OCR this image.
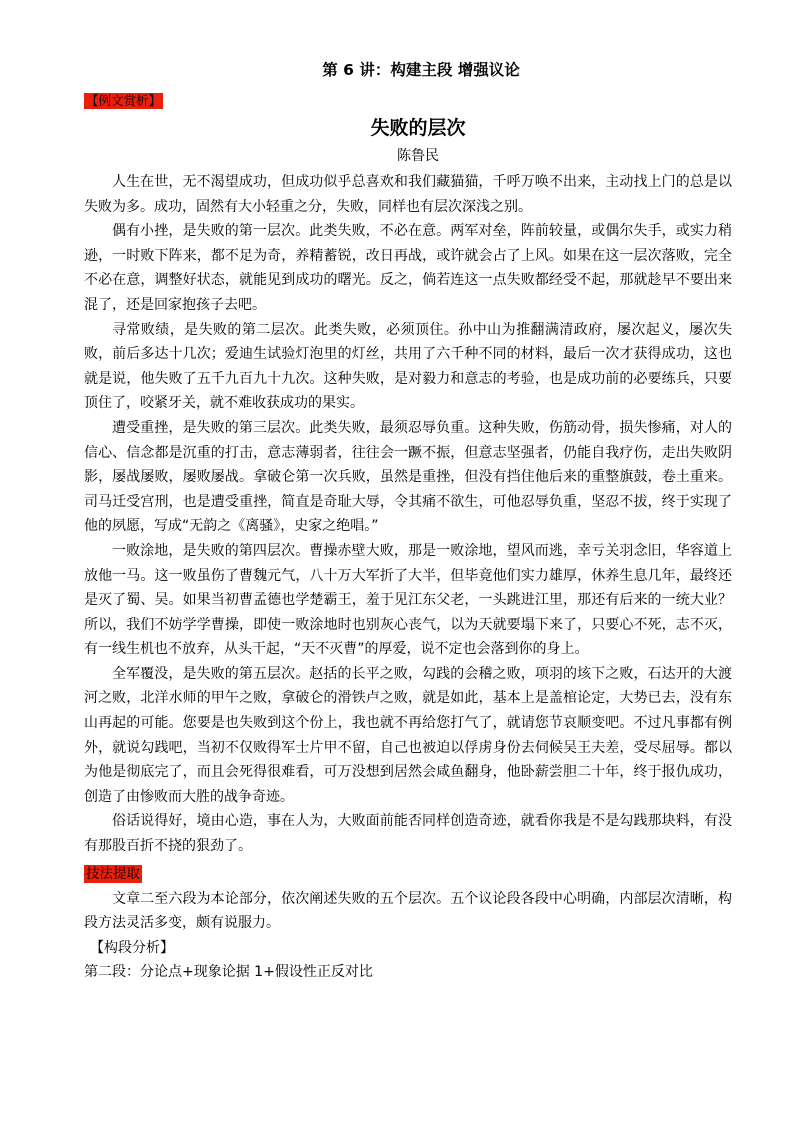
第 6 讲：构建主段 增强议论
【例文赏析】
失败的层次
陈鲁民

人生在世，无不渴望成功，但成功似乎总喜欢和我们藏猫猫，千呼万唤不出来，主动找上门的总是以失败为多。成功，固然有大小轻重之分，失败，同样也有层次深浅之别。

偶有小挫，是失败的第一层次。此类失败，不必在意。两军对垒，阵前较量，或偶尔失手，或实力稍逊，一时败下阵来，都不足为奇，养精蓄锐，改日再战，或许就会占了上风。如果在这一层次落败，完全不必在意，调整好状态，就能见到成功的曙光。反之，倘若连这一点失败都经受不起，那就趁早不要出来混了，还是回家抱孩子去吧。

寻常败绩，是失败的第二层次。此类失败，必须顶住。孙中山为推翻满清政府，屡次起义，屡次失败，前后多达十几次；爱迪生试验灯泡里的灯丝，共用了六千种不同的材料，最后一次才获得成功，这也就是说，他失败了五千九百九十九次。这种失败，是对毅力和意志的考验，也是成功前的必要练兵，只要顶住了，咬紧牙关，就不难收获成功的果实。

遭受重挫，是失败的第三层次。此类失败，最须忍辱负重。这种失败，伤筋动骨，损失惨痛，对人的信心、信念都是沉重的打击，意志薄弱者，往往会一蹶不振，但意志坚强者，仍能自我疗伤，走出失败阴影，屡战屡败，屡败屡战。拿破仑第一次兵败，虽然是重挫，但没有挡住他后来的重整旗鼓，卷土重来。司马迁受宫刑，也是遭受重挫，简直是奇耻大辱，令其痛不欲生，可他忍辱负重，坚忍不拔，终于实现了他的夙愿，写成“无韵之《离骚》，史家之绝唱。”

一败涂地，是失败的第四层次。曹操赤壁大败，那是一败涂地，望风而逃，幸亏关羽念旧，华容道上放他一马。这一败虽伤了曹魏元气，八十万大军折了大半，但毕竟他们实力雄厚，休养生息几年，最终还是灭了蜀、吴。如果当初曹孟德也学楚霸王，羞于见江东父老，一头跳进江里，那还有后来的一统大业？所以，我们不妨学学曹操，即使一败涂地时也别灰心丧气，以为天就要塌下来了，只要心不死，志不灭，有一线生机也不放弃，从头干起，“天不灭曹”的厚爱，说不定也会落到你的身上。

全军覆没，是失败的第五层次。赵括的长平之败，勾践的会稽之败，项羽的垓下之败，石达开的大渡河之败，北洋水师的甲午之败，拿破仑的滑铁卢之败，就是如此，基本上是盖棺论定，大势已去，没有东山再起的可能。您要是也失败到这个份上，我也就不再给您打气了，就请您节哀顺变吧。不过凡事都有例外，就说勾践吧，当初不仅败得军士片甲不留，自己也被迫以俘虏身份去伺候吴王夫差，受尽屈辱。都以为他是彻底完了，而且会死得很难看，可万没想到居然会咸鱼翻身，他卧薪尝胆二十年，终于报仇成功，创造了由惨败而大胜的战争奇迹。

俗话说得好，境由心造，事在人为，大败面前能否同样创造奇迹，就看你我是不是勾践那块料，有没有那股百折不挠的狠劲了。

技法提取

文章二至六段为本论部分，依次阐述失败的五个层次。五个议论段各段中心明确，内部层次清晰，构段方法灵活多变，颇有说服力。

【构段分析】

第二段：分论点+现象论据 1+假设性正反对比
